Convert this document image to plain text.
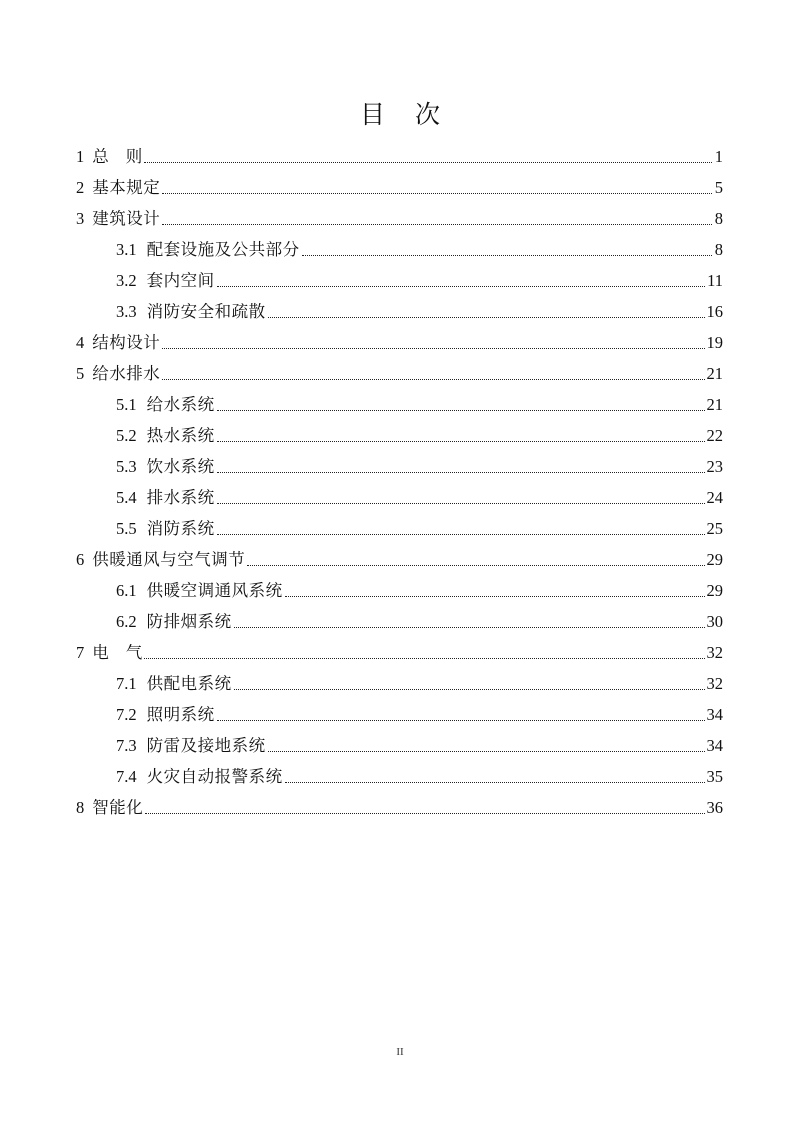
目 次
1 总 则	1
2 基本规定	5
3 建筑设计	8
3.1 配套设施及公共部分	8
3.2 套内空间	11
3.3 消防安全和疏散	16
4 结构设计	19
5 给水排水	21
5.1 给水系统	21
5.2 热水系统	22
5.3 饮水系统	23
5.4 排水系统	24
5.5 消防系统	25
6 供暖通风与空气调节	29
6.1 供暖空调通风系统	29
6.2 防排烟系统	30
7 电 气	32
7.1 供配电系统	32
7.2 照明系统	34
7.3 防雷及接地系统	34
7.4 火灾自动报警系统	35
8 智能化	36
II
